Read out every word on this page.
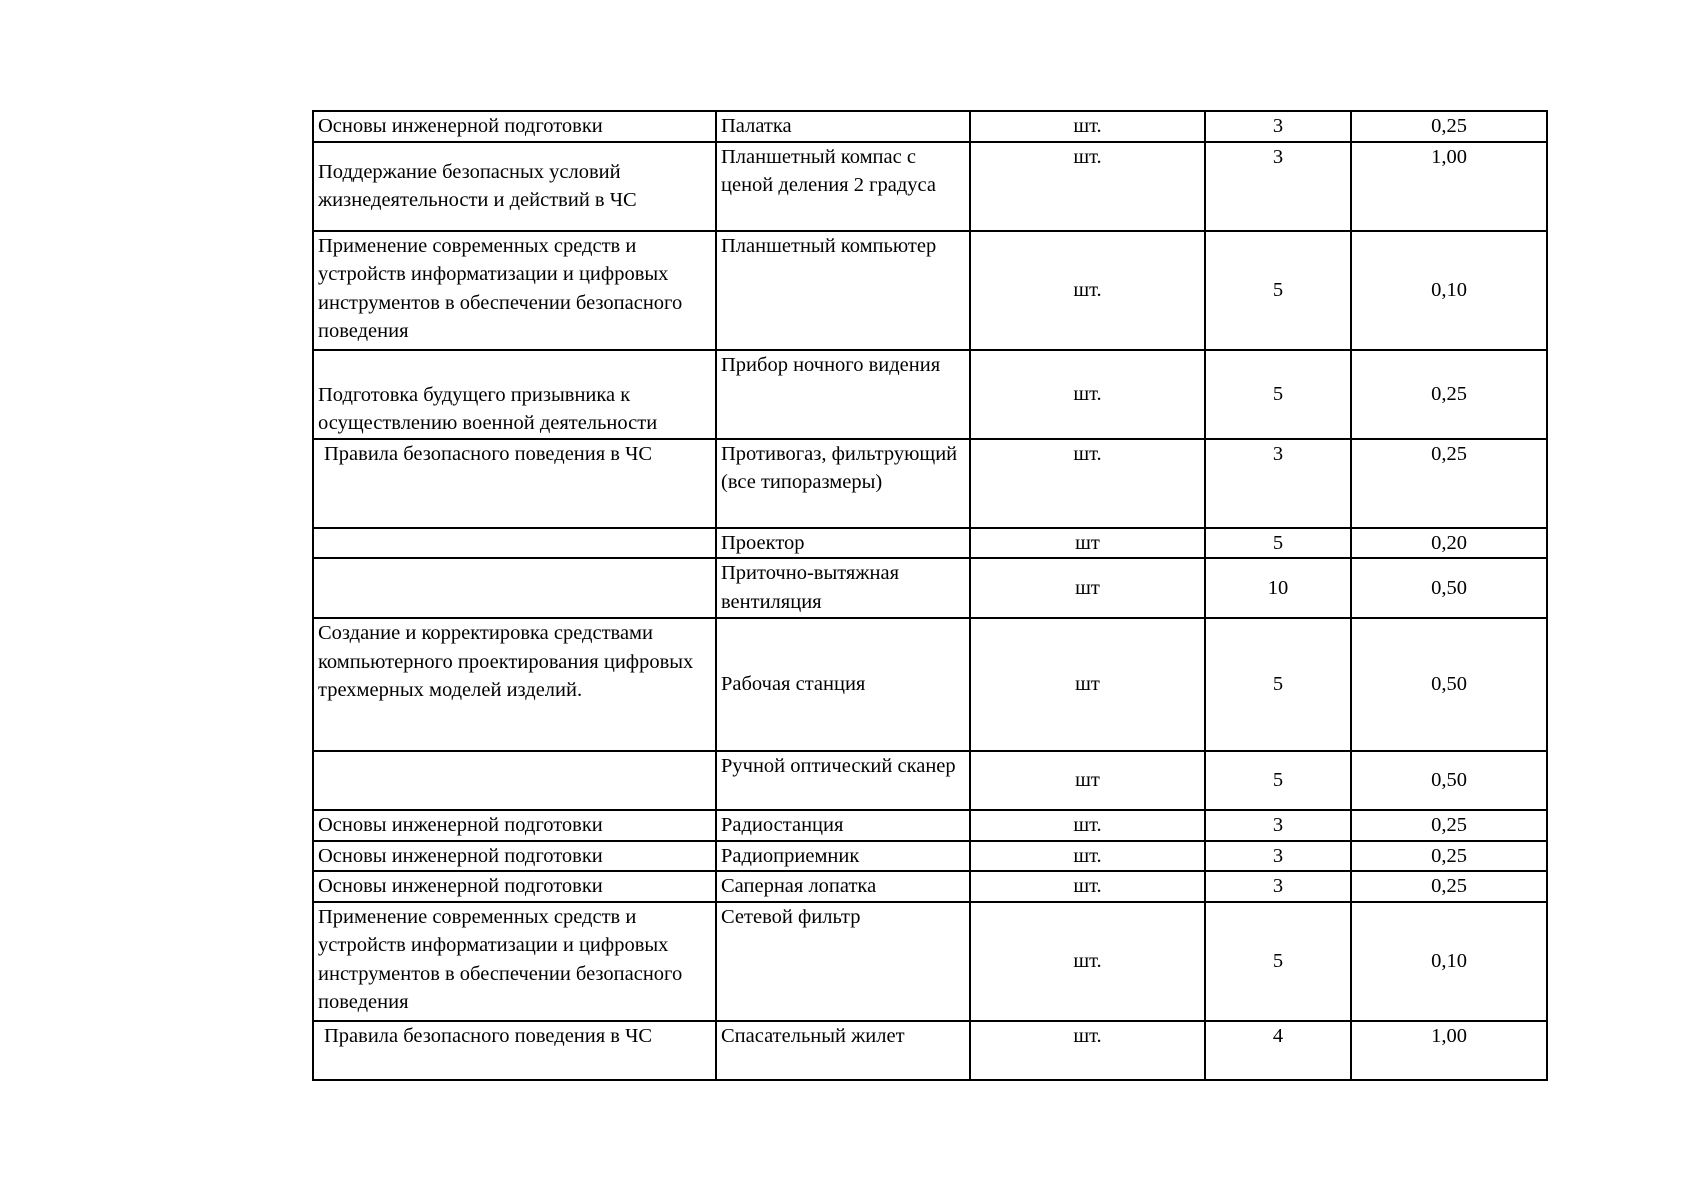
Основы инженерной подготовки	Палатка	шт.	3	0,25
Поддержание безопасных условий жизнедеятельности и действий в ЧС	Планшетный компас с ценой деления 2 градуса	шт.	3	1,00
Применение современных средств и устройств информатизации и цифровых инструментов в обеспечении безопасного поведения	Планшетный компьютер	шт.	5	0,10
Подготовка будущего призывника к осуществлению военной деятельности	Прибор ночного видения	шт.	5	0,25
Правила безопасного поведения в ЧС	Противогаз, фильтрующий (все типоразмеры)	шт.	3	0,25
	Проектор	шт	5	0,20
	Приточно-вытяжная вентиляция	шт	10	0,50
Создание и корректировка средствами компьютерного проектирования цифровых трехмерных моделей изделий.	Рабочая станция	шт	5	0,50
	Ручной оптический сканер	шт	5	0,50
Основы инженерной подготовки	Радиостанция	шт.	3	0,25
Основы инженерной подготовки	Радиоприемник	шт.	3	0,25
Основы инженерной подготовки	Саперная лопатка	шт.	3	0,25
Применение современных средств и устройств информатизации и цифровых инструментов в обеспечении безопасного поведения	Сетевой фильтр	шт.	5	0,10
Правила безопасного поведения в ЧС	Спасательный жилет	шт.	4	1,00
